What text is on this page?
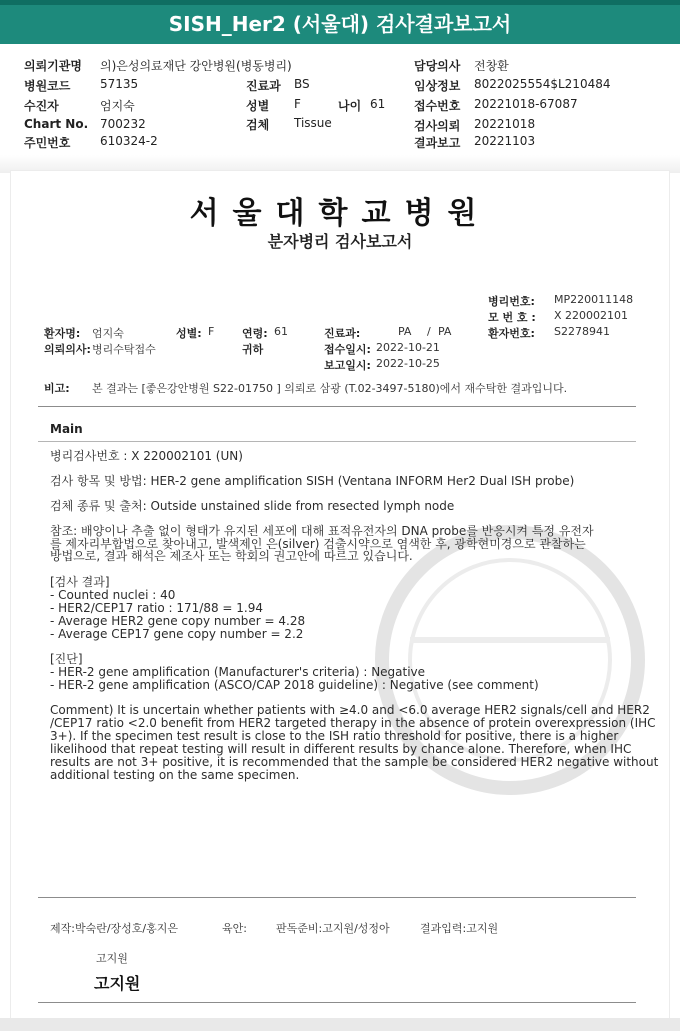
SISH_Her2 (서울대) 검사결과보고서
의뢰기관명 의)은성의료재단 강안병원(병동병리)
병원코드 57135
수진자	엄지숙
Chart No. 700232
주민번호 610324-2
진료과 BS
성별 F	나이 61
검체 Tissue
담당의사 전창환
임상정보 8022025554$L210484
접수번호 20221018-67087
검사의뢰 20221018
결과보고 20221103
서울대학교병원
분자병리 검사보고서
병리번호: MP220011148
모 번 호 : X 220002101
환자번호: S2278941
환자명: 엄지숙	성별: F	연령: 61	진료과:	PA / PA
의뢰의사: 병리수탁접수	귀하	접수일시: 2022-10-21
보고일시: 2022-10-25
비고: 본 결과는 [좋은강안병원 S22-01750 ] 의뢰로 삼광 (T.02-3497-5180)에서 재수탁한 결과입니다.
Main
병리검사번호 : X 220002101 (UN)
검사 항목 및 방법: HER-2 gene amplification SISH (Ventana INFORM Her2 Dual ISH probe)
검체 종류 및 출처: Outside unstained slide from resected lymph node
참조: 배양이나 추출 없이 형태가 유지된 세포에 대해 표적유전자의 DNA probe를 반응시켜 특정 유전자
를 제자리부합법으로 찾아내고, 발색제인 은(silver) 검출시약으로 염색한 후, 광학현미경으로 관찰하는
방법으로, 결과 해석은 제조사 또는 학회의 권고안에 따르고 있습니다.
[검사 결과]
- Counted nuclei : 40
- HER2/CEP17 ratio : 171/88 = 1.94
- Average HER2 gene copy number = 4.28
- Average CEP17 gene copy number = 2.2
[진단]
- HER-2 gene amplification (Manufacturer's criteria) : Negative
- HER-2 gene amplification (ASCO/CAP 2018 guideline) : Negative (see comment)
Comment) It is uncertain whether patients with ≥4.0 and <6.0 average HER2 signals/cell and HER2
/CEP17 ratio <2.0 benefit from HER2 targeted therapy in the absence of protein overexpression (IHC
3+). If the specimen test result is close to the ISH ratio threshold for positive, there is a higher
likelihood that repeat testing will result in different results by chance alone. Therefore, when IHC
results are not 3+ positive, it is recommended that the sample be considered HER2 negative without
additional testing on the same specimen.
제작:박숙란/장성호/홍지은	육안:	판독준비:고지원/성정아	결과입력:고지원
고지원
고지원
